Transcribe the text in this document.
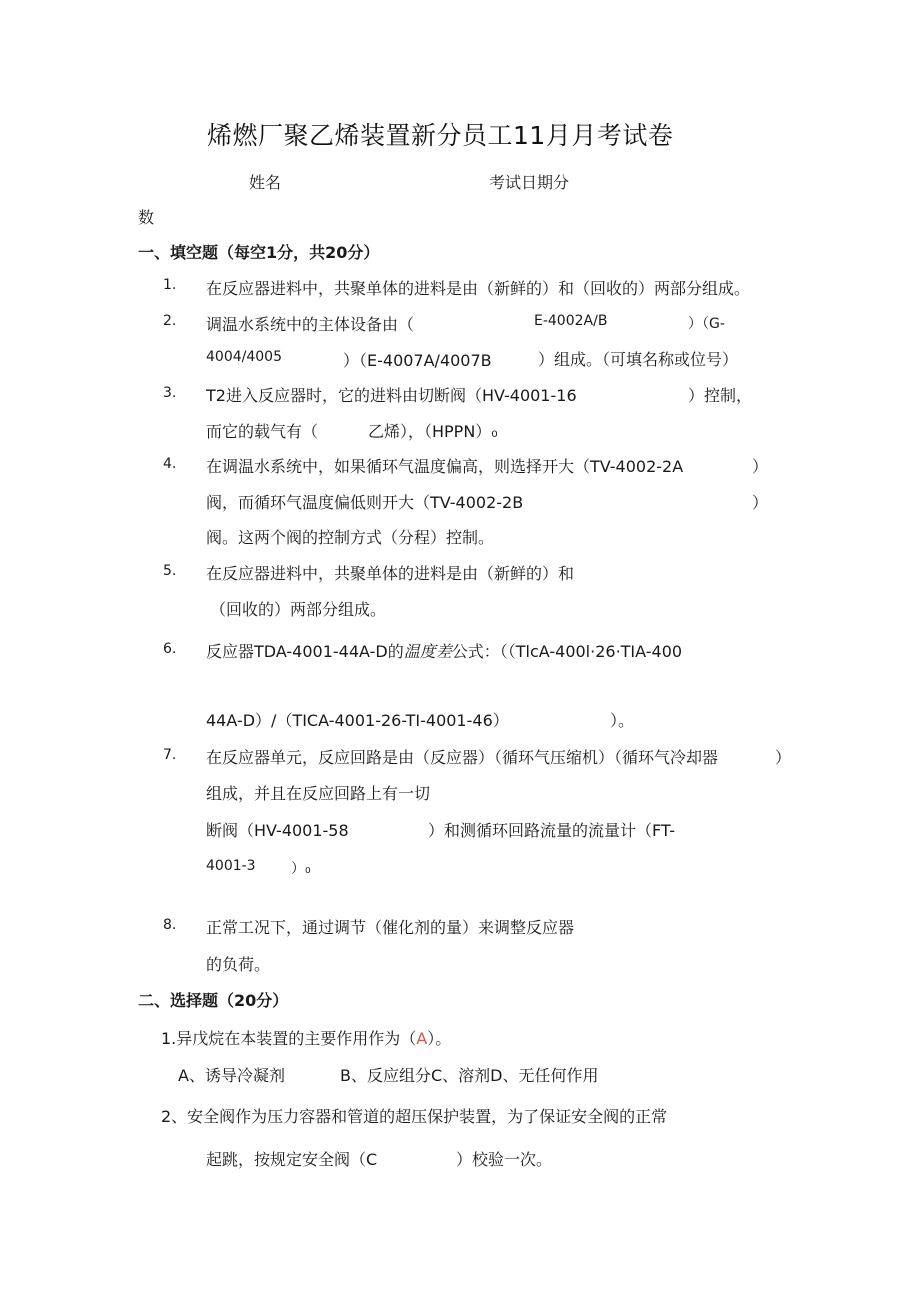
烯燃厂聚乙烯装置新分员工11月月考试卷
姓名	考试日期分
数
一、填空题（每空1分，共20分）
1.	在反应器进料中，共聚单体的进料是由（新鲜的）和（回收的）两部分组成。
2.	调温水系统中的主体设备由（	E-4002A∕B	）（G-
4004/4005	）（E-4007A/4007B	）组成。（可填名称或位号）
3.	T2进入反应器时，它的进料由切断阀（HV-4001-16	）控制，
而它的载气有（	乙烯），（HPPN）₀
4.	在调温水系统中，如果循环气温度偏高，则选择开大（TV-4002-2A	）
阀，而循环气温度偏低则开大（TV-4002-2B	）
阀。这两个阀的控制方式（分程）控制。
5.	在反应器进料中，共聚单体的进料是由（新鲜的）和
（回收的）两部分组成。
6.	反应器TDA-4001-44A-D的温度差公式：（（TlcA-400l·26·TIA-400
44A-D）∕（TICA-4001-26-TI-4001-46）	）。
7.	在反应器单元，反应回路是由（反应器）（循环气压缩机）（循环气冷却器	）
组成，并且在反应回路上有一切
断阀（HV-4001-58	）和测循环回路流量的流量计（FT-
4001-3	）₀
8.	正常工况下，通过调节（催化剂的量）来调整反应器
的负荷。
二、选择题（20分）
1.异戊烷在本装置的主要作用作为（A）。
A、诱导冷凝剂	B、反应组分C、溶剂D、无任何作用
2、安全阀作为压力容器和管道的超压保护装置，为了保证安全阀的正常
起跳，按规定安全阀（C	）校验一次。
